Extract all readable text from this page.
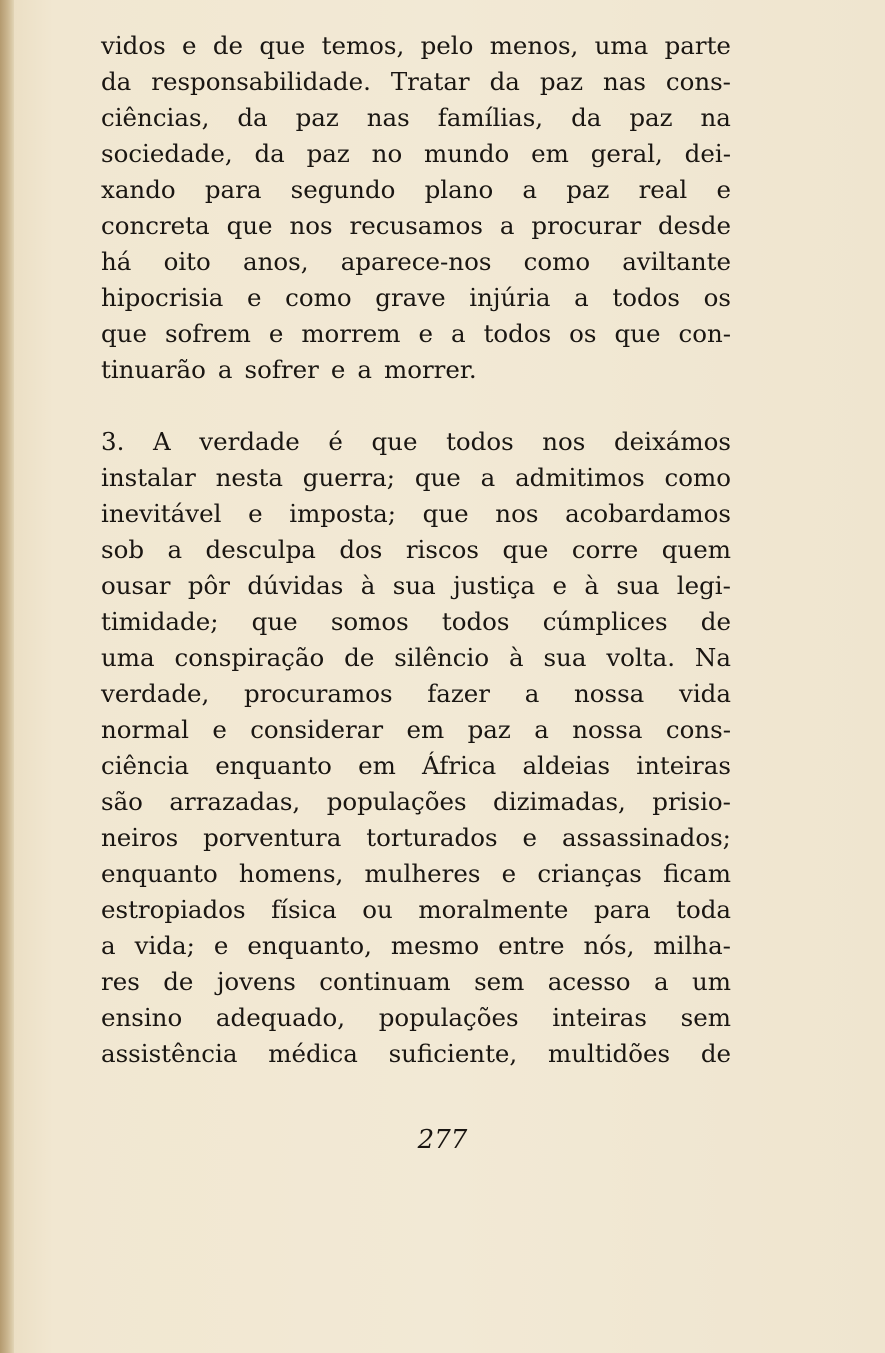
vidos e de que temos, pelo menos, uma parte
da responsabilidade. Tratar da paz nas cons-
ciências, da paz nas famílias, da paz na
sociedade, da paz no mundo em geral, dei-
xando para segundo plano a paz real e
concreta que nos recusamos a procurar desde
há oito anos, aparece-nos como aviltante
hipocrisia e como grave injúria a todos os
que sofrem e morrem e a todos os que con-
tinuarão a sofrer e a morrer.
3. A verdade é que todos nos deixámos
instalar nesta guerra; que a admitimos como
inevitável e imposta; que nos acobardamos
sob a desculpa dos riscos que corre quem
ousar pôr dúvidas à sua justiça e à sua legi-
timidade; que somos todos cúmplices de
uma conspiração de silêncio à sua volta. Na
verdade, procuramos fazer a nossa vida
normal e considerar em paz a nossa cons-
ciência enquanto em África aldeias inteiras
são arrazadas, populações dizimadas, prisio-
neiros porventura torturados e assassinados;
enquanto homens, mulheres e crianças ficam
estropiados física ou moralmente para toda
a vida; e enquanto, mesmo entre nós, milha-
res de jovens continuam sem acesso a um
ensino adequado, populações inteiras sem
assistência médica suficiente, multidões de
277
